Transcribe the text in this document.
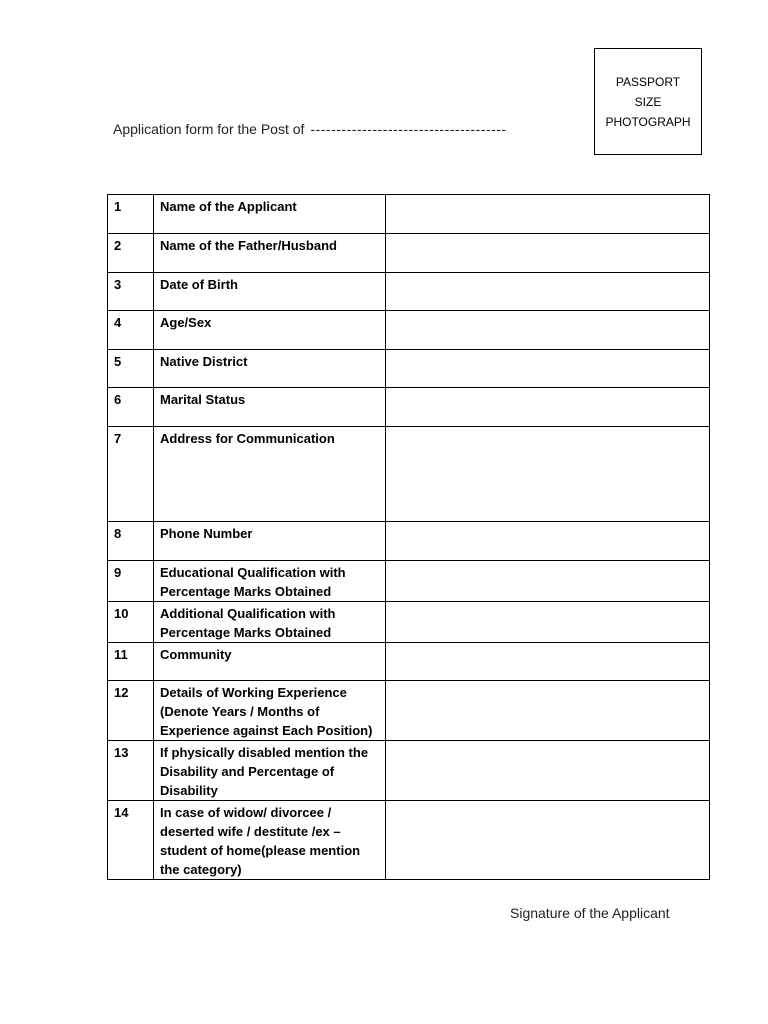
PASSPORT
SIZE
PHOTOGRAPH
Application form for the Post of --------------------------------------
1	Name of the Applicant	
2	Name of the Father/Husband	
3	Date of Birth	
4	Age/Sex	
5	Native District	
6	Marital Status	
7	Address for Communication	
8	Phone Number	
9	Educational Qualification with Percentage Marks Obtained	
10	Additional Qualification with Percentage Marks Obtained	
11	Community	
12	Details of Working Experience (Denote Years / Months of Experience against Each Position)	
13	If physically disabled mention the Disability and Percentage of Disability	
14	In case of widow/ divorcee / deserted wife / destitute /ex – student of home(please mention the category)	
Signature of the Applicant
